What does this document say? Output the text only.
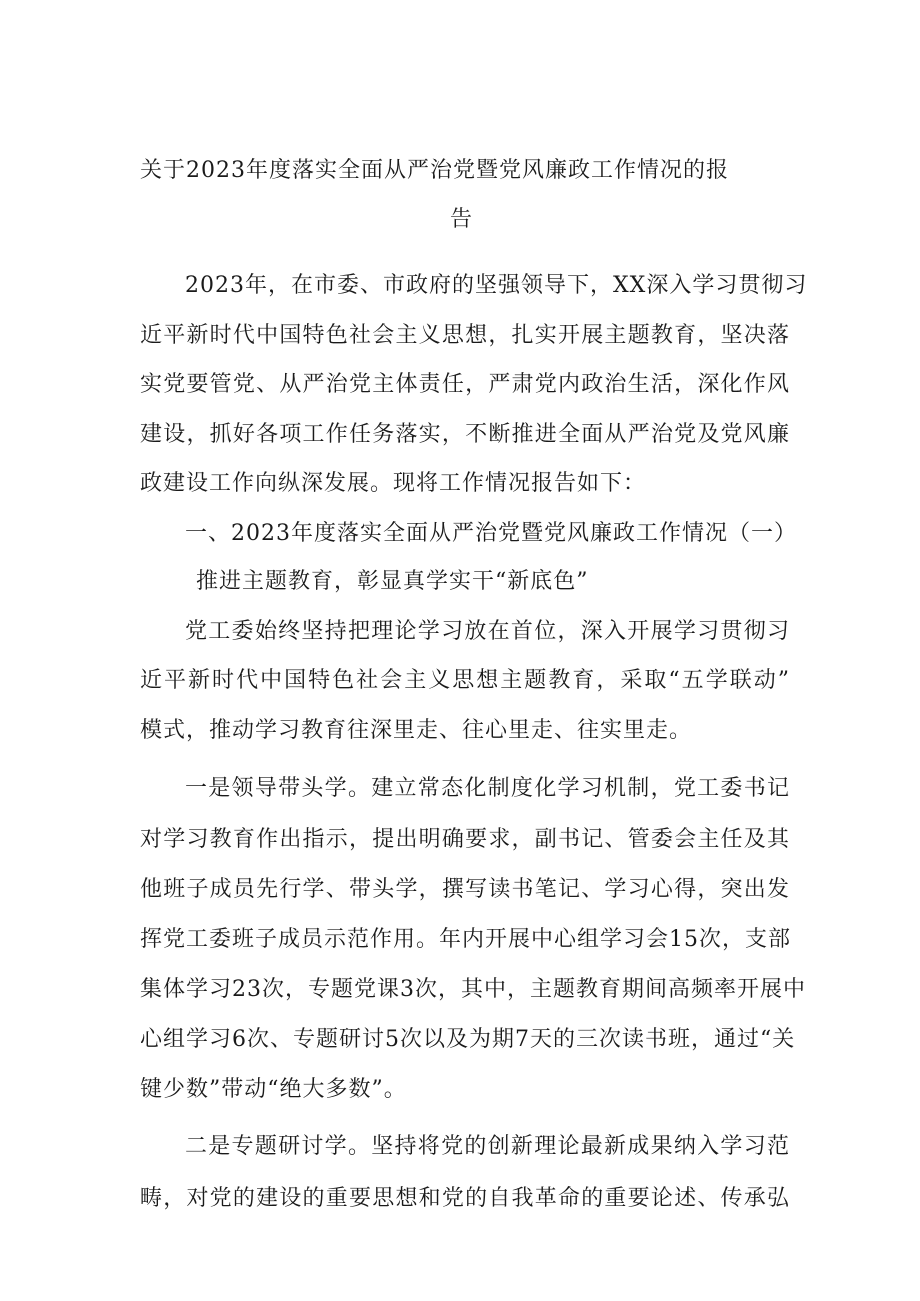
关于2023年度落实全面从严治党暨党风廉政工作情况的报
告
2023年，在市委、市政府的坚强领导下，XX深入学习贯彻习
近平新时代中国特色社会主义思想，扎实开展主题教育，坚决落
实党要管党、从严治党主体责任，严肃党内政治生活，深化作风
建设，抓好各项工作任务落实，不断推进全面从严治党及党风廉
政建设工作向纵深发展。现将工作情况报告如下：
一、2023年度落实全面从严治党暨党风廉政工作情况（一）
推进主题教育，彰显真学实干“新底色”
党工委始终坚持把理论学习放在首位，深入开展学习贯彻习
近平新时代中国特色社会主义思想主题教育，采取“五学联动”
模式，推动学习教育往深里走、往心里走、往实里走。
一是领导带头学。建立常态化制度化学习机制，党工委书记
对学习教育作出指示，提出明确要求，副书记、管委会主任及其
他班子成员先行学、带头学，撰写读书笔记、学习心得，突出发
挥党工委班子成员示范作用。年内开展中心组学习会15次，支部
集体学习23次，专题党课3次，其中，主题教育期间高频率开展中
心组学习6次、专题研讨5次以及为期7天的三次读书班，通过“关
键少数”带动“绝大多数”。
二是专题研讨学。坚持将党的创新理论最新成果纳入学习范
畴，对党的建设的重要思想和党的自我革命的重要论述、传承弘
